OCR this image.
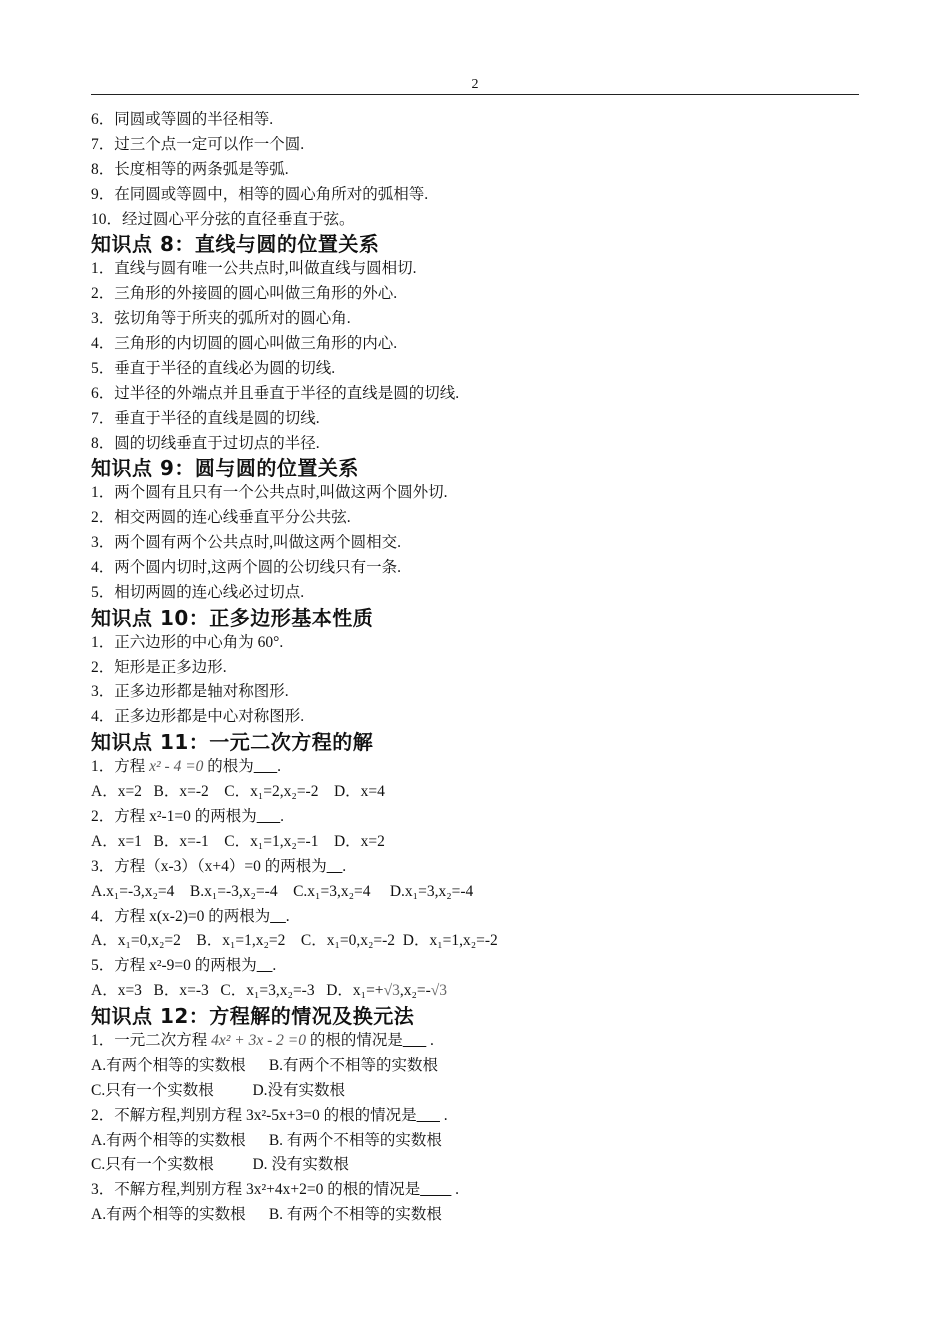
2
6．同圆或等圆的半径相等.
7．过三个点一定可以作一个圆.
8．长度相等的两条弧是等弧.
9．在同圆或等圆中，相等的圆心角所对的弧相等.
10．经过圆心平分弦的直径垂直于弦。
知识点 8：直线与圆的位置关系
1．直线与圆有唯一公共点时,叫做直线与圆相切.
2．三角形的外接圆的圆心叫做三角形的外心.
3．弦切角等于所夹的弧所对的圆心角.
4．三角形的内切圆的圆心叫做三角形的内心.
5．垂直于半径的直线必为圆的切线.
6．过半径的外端点并且垂直于半径的直线是圆的切线.
7．垂直于半径的直线是圆的切线.
8．圆的切线垂直于过切点的半径.
知识点 9：圆与圆的位置关系
1．两个圆有且只有一个公共点时,叫做这两个圆外切.
2．相交两圆的连心线垂直平分公共弦.
3．两个圆有两个公共点时,叫做这两个圆相交.
4．两个圆内切时,这两个圆的公切线只有一条.
5．相切两圆的连心线必过切点.
知识点 10：正多边形基本性质
1．正六边形的中心角为 60°.
2．矩形是正多边形.
3．正多边形都是轴对称图形.
4．正多边形都是中心对称图形.
知识点 11：一元二次方程的解
1．方程 x² - 4 =0 的根为___.
A．x=2   B．x=-2    C．x₁=2,x₂=-2    D．x=4
2．方程 x²-1=0 的两根为___.
A．x=1   B．x=-1    C．x₁=1,x₂=-1    D．x=2
3．方程（x-3）（x+4）=0 的两根为__.
A.x₁=-3,x₂=4    B.x₁=-3,x₂=-4    C.x₁=3,x₂=4     D.x₁=3,x₂=-4
4．方程 x(x-2)=0 的两根为__.
A．x₁=0,x₂=2    B．x₁=1,x₂=2    C．x₁=0,x₂=-2  D．x₁=1,x₂=-2
5．方程 x²-9=0 的两根为__.
A．x=3   B．x=-3   C．x₁=3,x₂=-3   D．x₁=+√3,x₂=-√3
知识点 12：方程解的情况及换元法
1．一元二次方程 4x² + 3x - 2 =0 的根的情况是___ .
A.有两个相等的实数根      B.有两个不相等的实数根
C.只有一个实数根          D.没有实数根
2．不解方程,判别方程 3x²-5x+3=0 的根的情况是___ .
A.有两个相等的实数根      B. 有两个不相等的实数根
C.只有一个实数根          D. 没有实数根
3．不解方程,判别方程 3x²+4x+2=0 的根的情况是____ .
A.有两个相等的实数根      B. 有两个不相等的实数根
